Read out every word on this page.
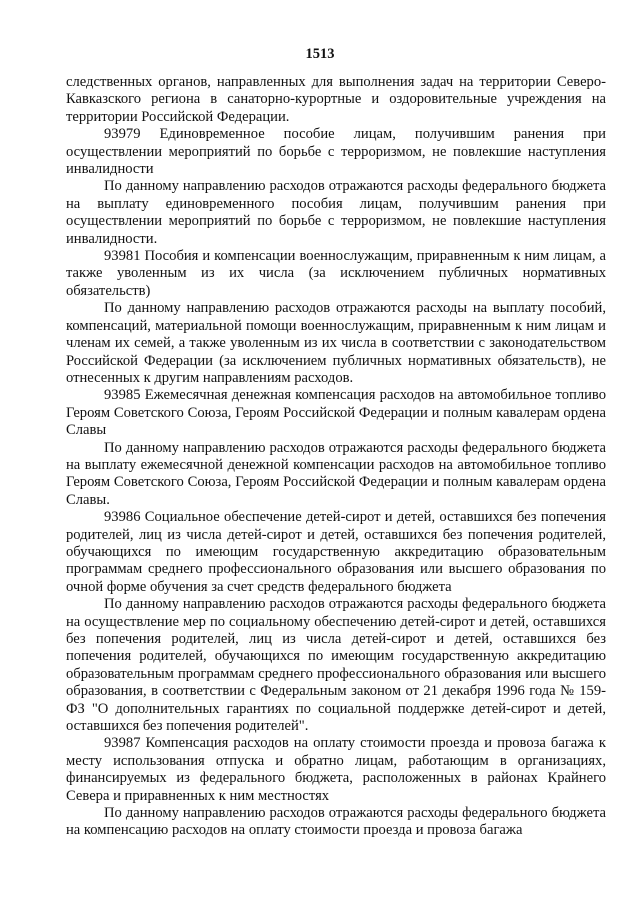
1513

следственных органов, направленных для выполнения задач на территории Северо-Кавказского региона в санаторно-курортные и оздоровительные учреждения на территории Российской Федерации.

93979 Единовременное пособие лицам, получившим ранения при осуществлении мероприятий по борьбе с терроризмом, не повлекшие наступления инвалидности

По данному направлению расходов отражаются расходы федерального бюджета на выплату единовременного пособия лицам, получившим ранения при осуществлении мероприятий по борьбе с терроризмом, не повлекшие наступления инвалидности.

93981 Пособия и компенсации военнослужащим, приравненным к ним лицам, а также уволенным из их числа (за исключением публичных нормативных обязательств)

По данному направлению расходов отражаются расходы на выплату пособий, компенсаций, материальной помощи военнослужащим, приравненным к ним лицам и членам их семей, а также уволенным из их числа в соответствии с законодательством Российской Федерации (за исключением публичных нормативных обязательств), не отнесенных к другим направлениям расходов.

93985 Ежемесячная денежная компенсация расходов на автомобильное топливо Героям Советского Союза, Героям Российской Федерации и полным кавалерам ордена Славы

По данному направлению расходов отражаются расходы федерального бюджета на выплату ежемесячной денежной компенсации расходов на автомобильное топливо Героям Советского Союза, Героям Российской Федерации и полным кавалерам ордена Славы.

93986 Социальное обеспечение детей-сирот и детей, оставшихся без попечения родителей, лиц из числа детей-сирот и детей, оставшихся без попечения родителей, обучающихся по имеющим государственную аккредитацию образовательным программам среднего профессионального образования или высшего образования по очной форме обучения за счет средств федерального бюджета

По данному направлению расходов отражаются расходы федерального бюджета на осуществление мер по социальному обеспечению детей-сирот и детей, оставшихся без попечения родителей, лиц из числа детей-сирот и детей, оставшихся без попечения родителей, обучающихся по имеющим государственную аккредитацию образовательным программам среднего профессионального образования или высшего образования, в соответствии с Федеральным законом от 21 декабря 1996 года № 159-ФЗ "О дополнительных гарантиях по социальной поддержке детей-сирот и детей, оставшихся без попечения родителей".

93987 Компенсация расходов на оплату стоимости проезда и провоза багажа к месту использования отпуска и обратно лицам, работающим в организациях, финансируемых из федерального бюджета, расположенных в районах Крайнего Севера и приравненных к ним местностях

По данному направлению расходов отражаются расходы федерального бюджета на компенсацию расходов на оплату стоимости проезда и провоза багажа
